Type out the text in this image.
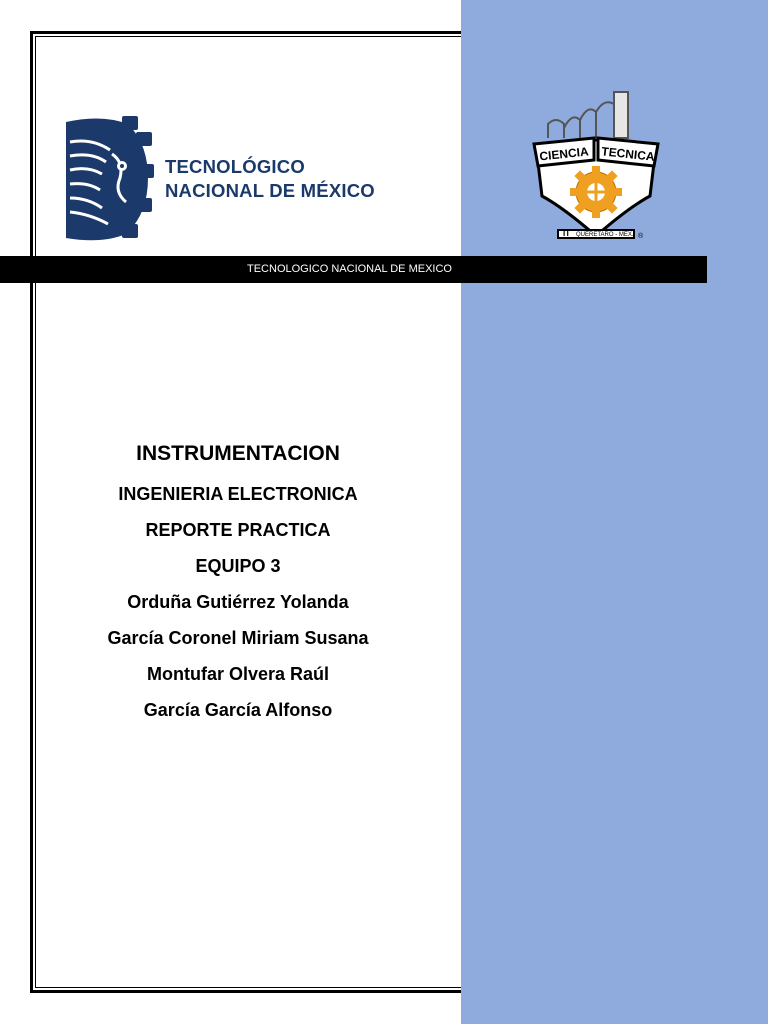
TECNOLÓGICO
NACIONAL DE MÉXICO
CIENCIA TECNICA
IT QUERETARO - MEX. ®
TECNOLOGICO NACIONAL DE MEXICO
INSTRUMENTACION
INGENIERIA ELECTRONICA
REPORTE PRACTICA
EQUIPO 3
Orduña Gutiérrez Yolanda
García Coronel Miriam Susana
Montufar Olvera Raúl
García García Alfonso
